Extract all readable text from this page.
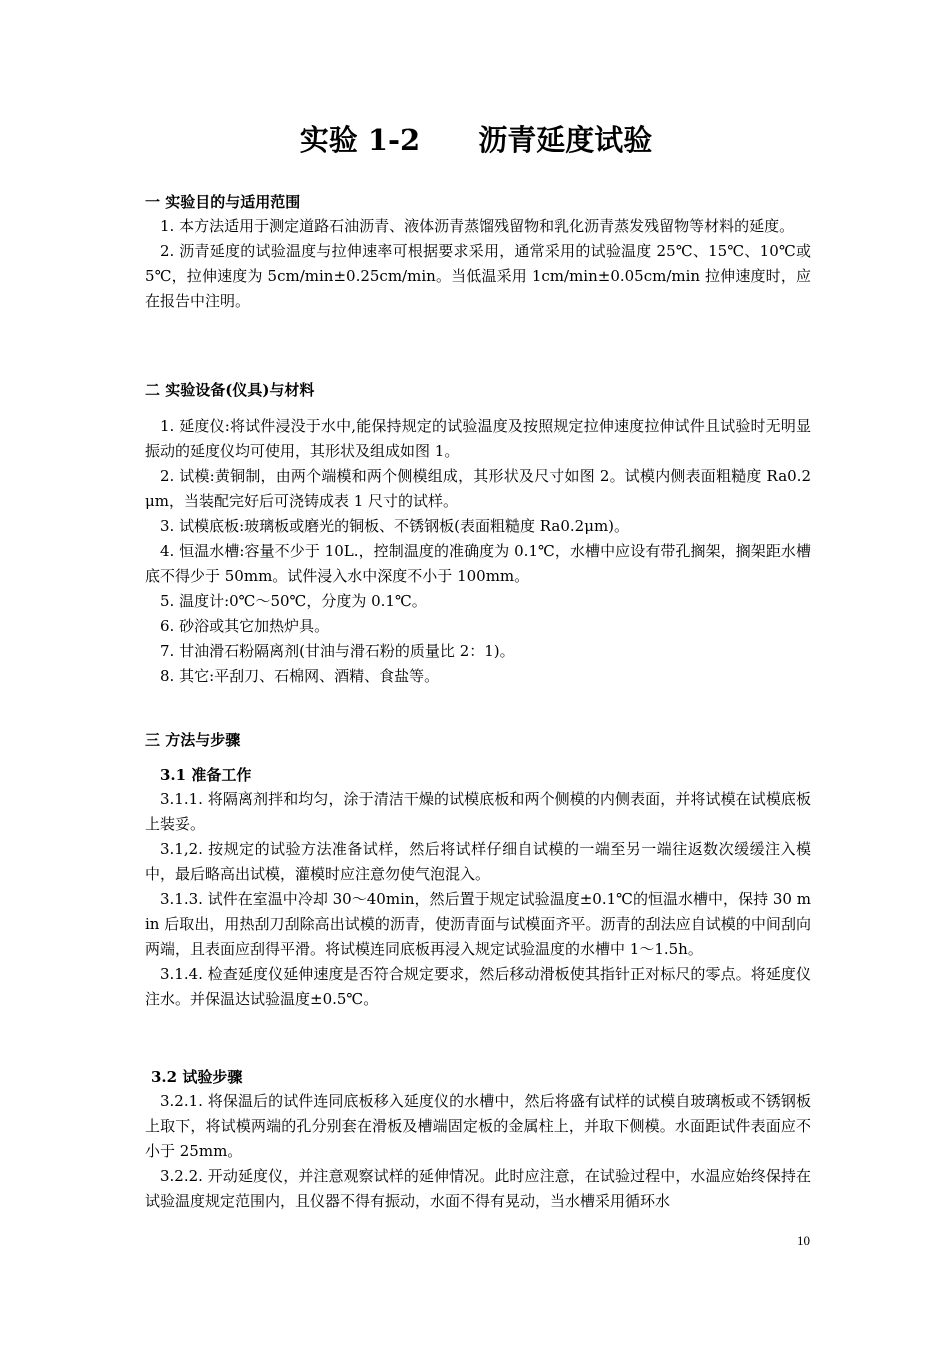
实验 1-2　　沥青延度试验

一 实验目的与适用范围

1. 本方法适用于测定道路石油沥青、液体沥青蒸馏残留物和乳化沥青蒸发残留物等材料的延度。

2. 沥青延度的试验温度与拉伸速率可根据要求采用，通常采用的试验温度 25℃、15℃、10℃或 5℃，拉伸速度为 5cm/min±0.25cm/min。当低温采用 1cm/min±0.05cm/min 拉伸速度时，应在报告中注明。

二 实验设备(仪具)与材料

1. 延度仪:将试件浸没于水中,能保持规定的试验温度及按照规定拉伸速度拉伸试件且试验时无明显振动的延度仪均可使用，其形状及组成如图 1。

2. 试模:黄铜制，由两个端模和两个侧模组成，其形状及尺寸如图 2。试模内侧表面粗糙度 Ra0.2μm，当装配完好后可浇铸成表 1 尺寸的试样。

3. 试模底板:玻璃板或磨光的铜板、不锈钢板(表面粗糙度 Ra0.2μm)。

4. 恒温水槽:容量不少于 10L.，控制温度的准确度为 0.1℃，水槽中应设有带孔搁架，搁架距水槽底不得少于 50mm。试件浸入水中深度不小于 100mm。

5. 温度计:0℃～50℃，分度为 0.1℃。

6. 砂浴或其它加热炉具。

7. 甘油滑石粉隔离剂(甘油与滑石粉的质量比 2：1)。

8. 其它:平刮刀、石棉网、酒精、食盐等。

三 方法与步骤

3.1 准备工作

3.1.1. 将隔离剂拌和均匀，涂于清洁干燥的试模底板和两个侧模的内侧表面，并将试模在试模底板上装妥。

3.1,2. 按规定的试验方法准备试样，然后将试样仔细自试模的一端至另一端往返数次缓缓注入模中，最后略高出试模，灌模时应注意勿使气泡混入。

3.1.3. 试件在室温中冷却 30～40min，然后置于规定试验温度±0.1℃的恒温水槽中，保持 30 min 后取出，用热刮刀刮除高出试模的沥青，使沥青面与试模面齐平。沥青的刮法应自试模的中间刮向两端，且表面应刮得平滑。将试模连同底板再浸入规定试验温度的水槽中 1～1.5h。

3.1.4. 检查延度仪延伸速度是否符合规定要求，然后移动滑板使其指针正对标尺的零点。将延度仪注水。并保温达试验温度±0.5℃。

3.2 试验步骤

3.2.1. 将保温后的试件连同底板移入延度仪的水槽中，然后将盛有试样的试模自玻璃板或不锈钢板上取下，将试模两端的孔分别套在滑板及槽端固定板的金属柱上，并取下侧模。水面距试件表面应不小于 25mm。

3.2.2. 开动延度仪，并注意观察试样的延伸情况。此时应注意，在试验过程中，水温应始终保持在试验温度规定范围内，且仪器不得有振动，水面不得有晃动，当水槽采用循环水

10
